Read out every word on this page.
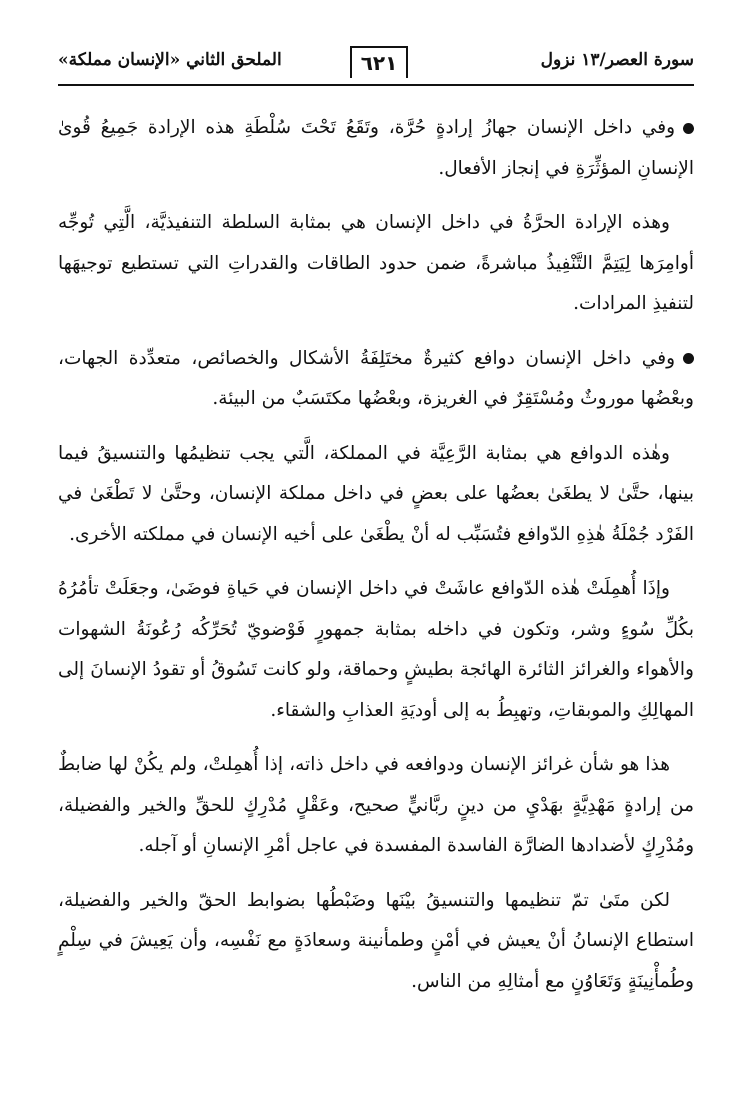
سورة العصر/١٣ نزول
٦٢١
الملحق الثاني «الإنسان مملكة»

وفي داخل الإنسان جهازُ إرادةٍ حُرَّة، وتَقَعُ تَحْتَ سُلْطَةِ هذه الإرادة جَمِيعُ قُوىٰ الإنسانِ المؤثِّرَةِ في إنجاز الأفعال.

وهذه الإرادة الحرَّةُ في داخل الإنسان هي بمثابة السلطة التنفيذيَّة، الَّتِي تُوجِّه أوامِرَها لِيَتِمَّ التَّنْفِيذُ مباشرةً، ضمن حدود الطاقات والقدراتِ التي تستطيع توجيهَها لتنفيذِ المرادات.

وفي داخل الإنسان دوافع كثيرةٌ مختَلِفَةُ الأشكال والخصائص، متعدِّدة الجهات، وبعْضُها موروثٌ ومُسْتَقِرٌ في الغريزة، وبعْضُها مكتَسَبٌ من البيئة.

وهٰذه الدوافع هي بمثابة الرَّعِيَّة في المملكة، الَّتي يجب تنظيمُها والتنسيقُ فيما بينها، حتَّىٰ لا يطغَىٰ بعضُها على بعضٍ في داخل مملكة الإنسان، وحتَّىٰ لا تَطْغَىٰ في الفَرْد جُمْلَةُ هٰذِهِ الدّوافع فتُسَبِّب له أنْ يطْغَىٰ على أخيه الإنسان في مملكته الأخرى.

وإذَا أُهمِلَتْ هٰذه الدّوافع عاشَتْ في داخل الإنسان في حَياةِ فوضَىٰ، وجعَلَتْ تأمُرُهُ بكُلِّ سُوءٍ وشر، وتكون في داخله بمثابة جمهورٍ فَوْضويّ تُحَرِّكُه رُعُونَةُ الشهوات والأهواء والغرائز الثائرة الهائجة بطيشٍ وحماقة، ولو كانت تَسُوقُ أو تقودُ الإنسانَ إلى المهالِكِ والموبقاتِ، وتهبِطُ به إلى أوديَةِ العذابِ والشقاء.

هذا هو شأن غرائز الإنسان ودوافعه في داخل ذاته، إذا أُهمِلتْ، ولم يكُنْ لها ضابطٌ من إرادةٍ مَهْدِيَّةٍ بهَدْيِ من دينٍ ربَّانيٍّ صحيح، وعَقْلٍ مُدْرِكٍ للحقِّ والخير والفضيلة، ومُدْرِكٍ لأضدادها الضارَّة الفاسدة المفسدة في عاجل أمْرِ الإنسانِ أو آجله.

لكن متَىٰ تمّ تنظيمها والتنسيقُ بيْنَها وضَبْطُها بضوابط الحقّ والخير والفضيلة، استطاع الإنسانُ أنْ يعيش في أمْنٍ وطمأنينة وسعادَةٍ مع نَفْسِه، وأن يَعِيشَ في سِلْمٍ وطُمأْنِينَةٍ وَتَعَاوُنٍ مع أمثالِهِ من الناس.
